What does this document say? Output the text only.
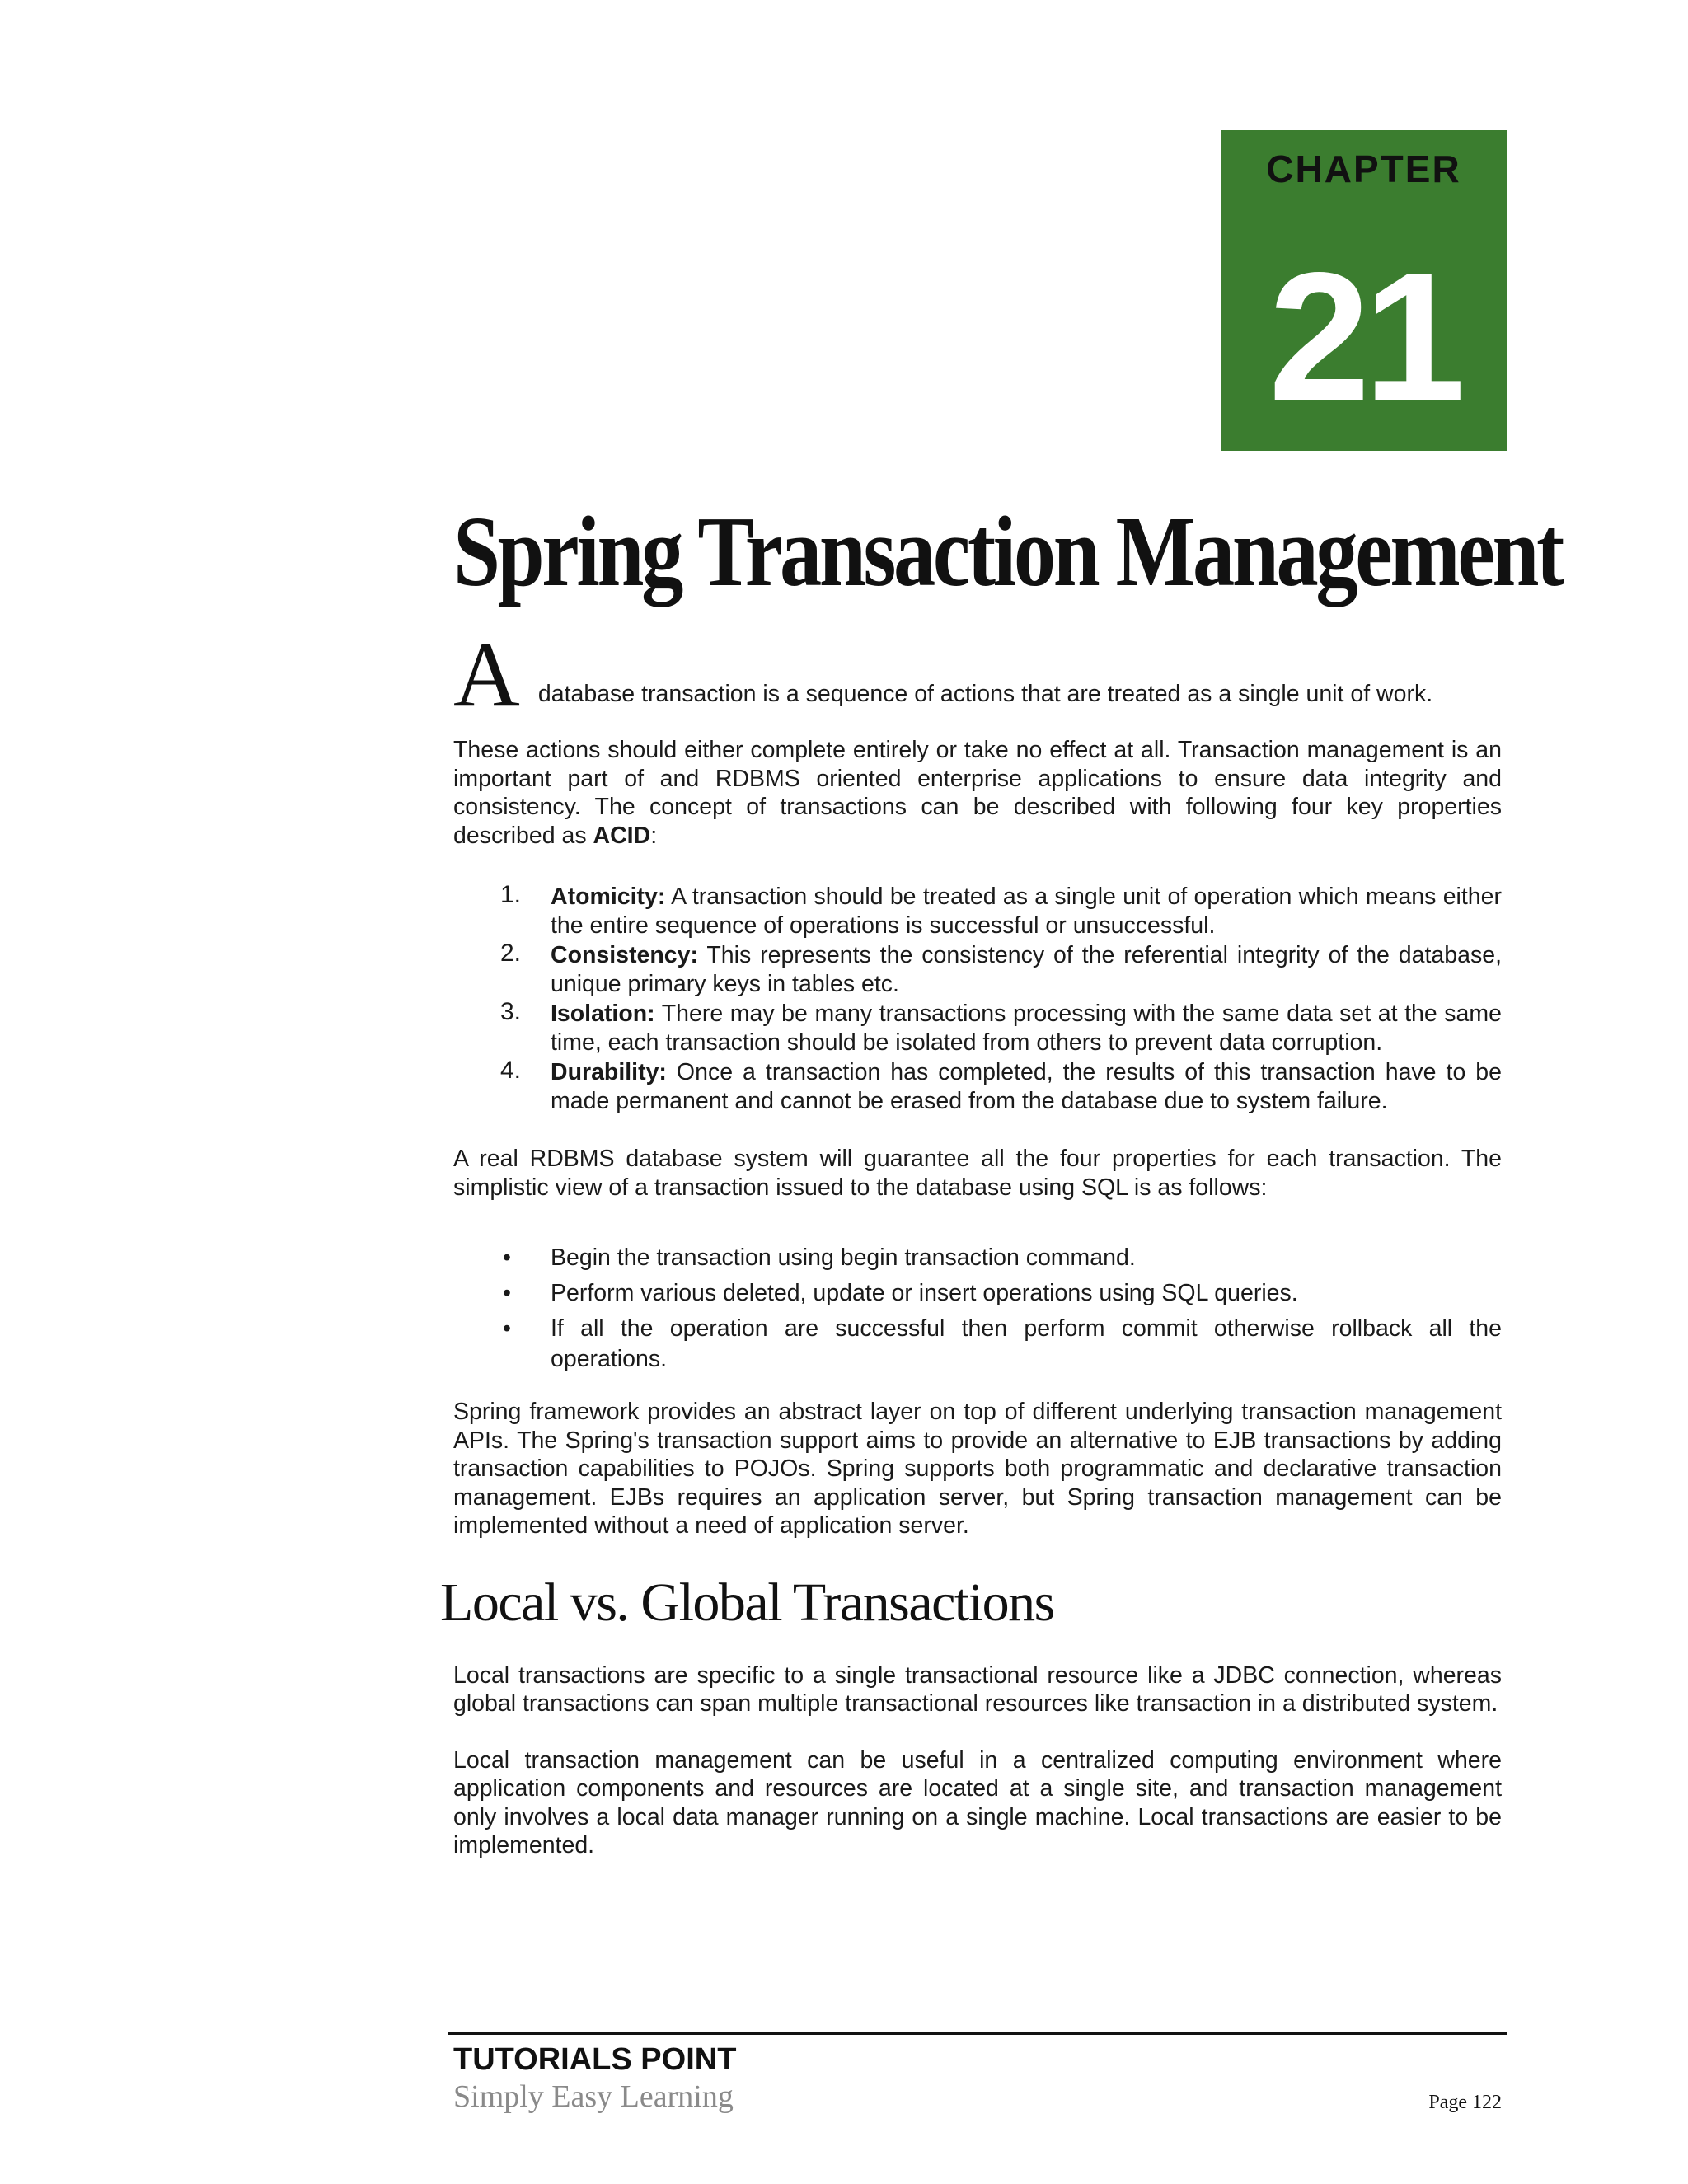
CHAPTER
21
Spring Transaction Management
A database transaction is a sequence of actions that are treated as a single unit of work.

These actions should either complete entirely or take no effect at all. Transaction management is an important part of and RDBMS oriented enterprise applications to ensure data integrity and consistency. The concept of transactions can be described with following four key properties described as ACID:

1. Atomicity: A transaction should be treated as a single unit of operation which means either the entire sequence of operations is successful or unsuccessful.
2. Consistency: This represents the consistency of the referential integrity of the database, unique primary keys in tables etc.
3. Isolation: There may be many transactions processing with the same data set at the same time, each transaction should be isolated from others to prevent data corruption.
4. Durability: Once a transaction has completed, the results of this transaction have to be made permanent and cannot be erased from the database due to system failure.

A real RDBMS database system will guarantee all the four properties for each transaction. The simplistic view of a transaction issued to the database using SQL is as follows:

• Begin the transaction using begin transaction command.
• Perform various deleted, update or insert operations using SQL queries.
• If all the operation are successful then perform commit otherwise rollback all the operations.

Spring framework provides an abstract layer on top of different underlying transaction management APIs. The Spring's transaction support aims to provide an alternative to EJB transactions by adding transaction capabilities to POJOs. Spring supports both programmatic and declarative transaction management. EJBs requires an application server, but Spring transaction management can be implemented without a need of application server.

Local vs. Global Transactions

Local transactions are specific to a single transactional resource like a JDBC connection, whereas global transactions can span multiple transactional resources like transaction in a distributed system.

Local transaction management can be useful in a centralized computing environment where application components and resources are located at a single site, and transaction management only involves a local data manager running on a single machine. Local transactions are easier to be implemented.

TUTORIALS POINT
Simply Easy Learning	Page 122
